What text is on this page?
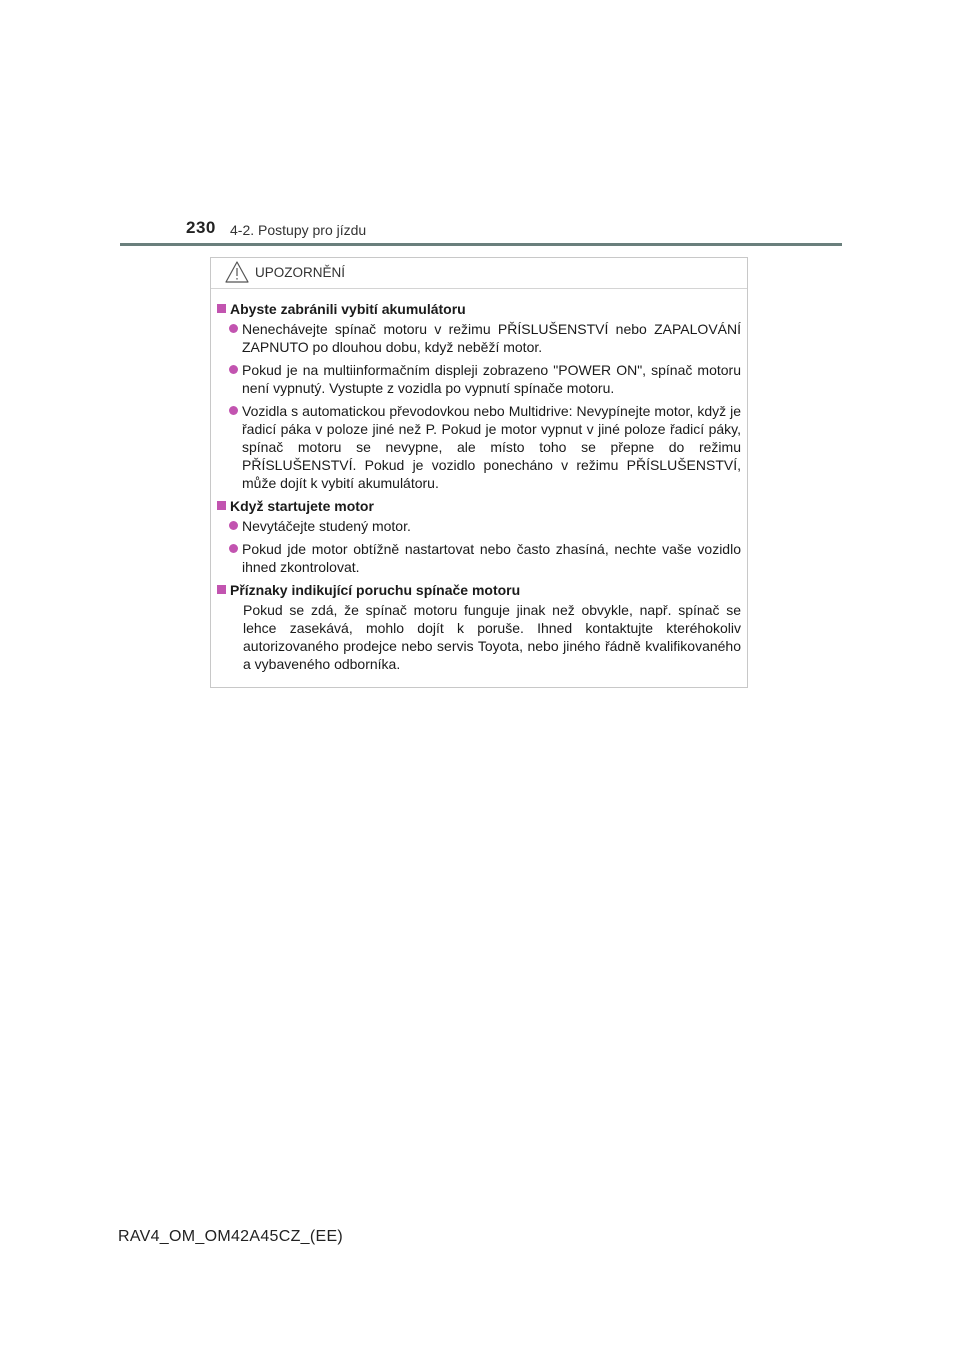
230 4-2. Postupy pro jízdu
UPOZORNĚNÍ
Abyste zabránili vybití akumulátoru
Nenechávejte spínač motoru v režimu PŘÍSLUŠENSTVÍ nebo ZAPALOVÁNÍ ZAPNUTO po dlouhou dobu, když neběží motor.
Pokud je na multiinformačním displeji zobrazeno "POWER ON", spínač motoru není vypnutý. Vystupte z vozidla po vypnutí spínače motoru.
Vozidla s automatickou převodovkou nebo Multidrive: Nevypínejte motor, když je řadicí páka v poloze jiné než P. Pokud je motor vypnut v jiné poloze řadicí páky, spínač motoru se nevypne, ale místo toho se přepne do režimu PŘÍSLUŠENSTVÍ. Pokud je vozidlo ponecháno v režimu PŘÍSLUŠENSTVÍ, může dojít k vybití akumulátoru.
Když startujete motor
Nevytáčejte studený motor.
Pokud jde motor obtížně nastartovat nebo často zhasíná, nechte vaše vozidlo ihned zkontrolovat.
Příznaky indikující poruchu spínače motoru
Pokud se zdá, že spínač motoru funguje jinak než obvykle, např. spínač se lehce zasekává, mohlo dojít k poruše. Ihned kontaktujte kteréhokoliv autorizovaného prodejce nebo servis Toyota, nebo jiného řádně kvalifikovaného a vybaveného odborníka.
RAV4_OM_OM42A45CZ_(EE)
